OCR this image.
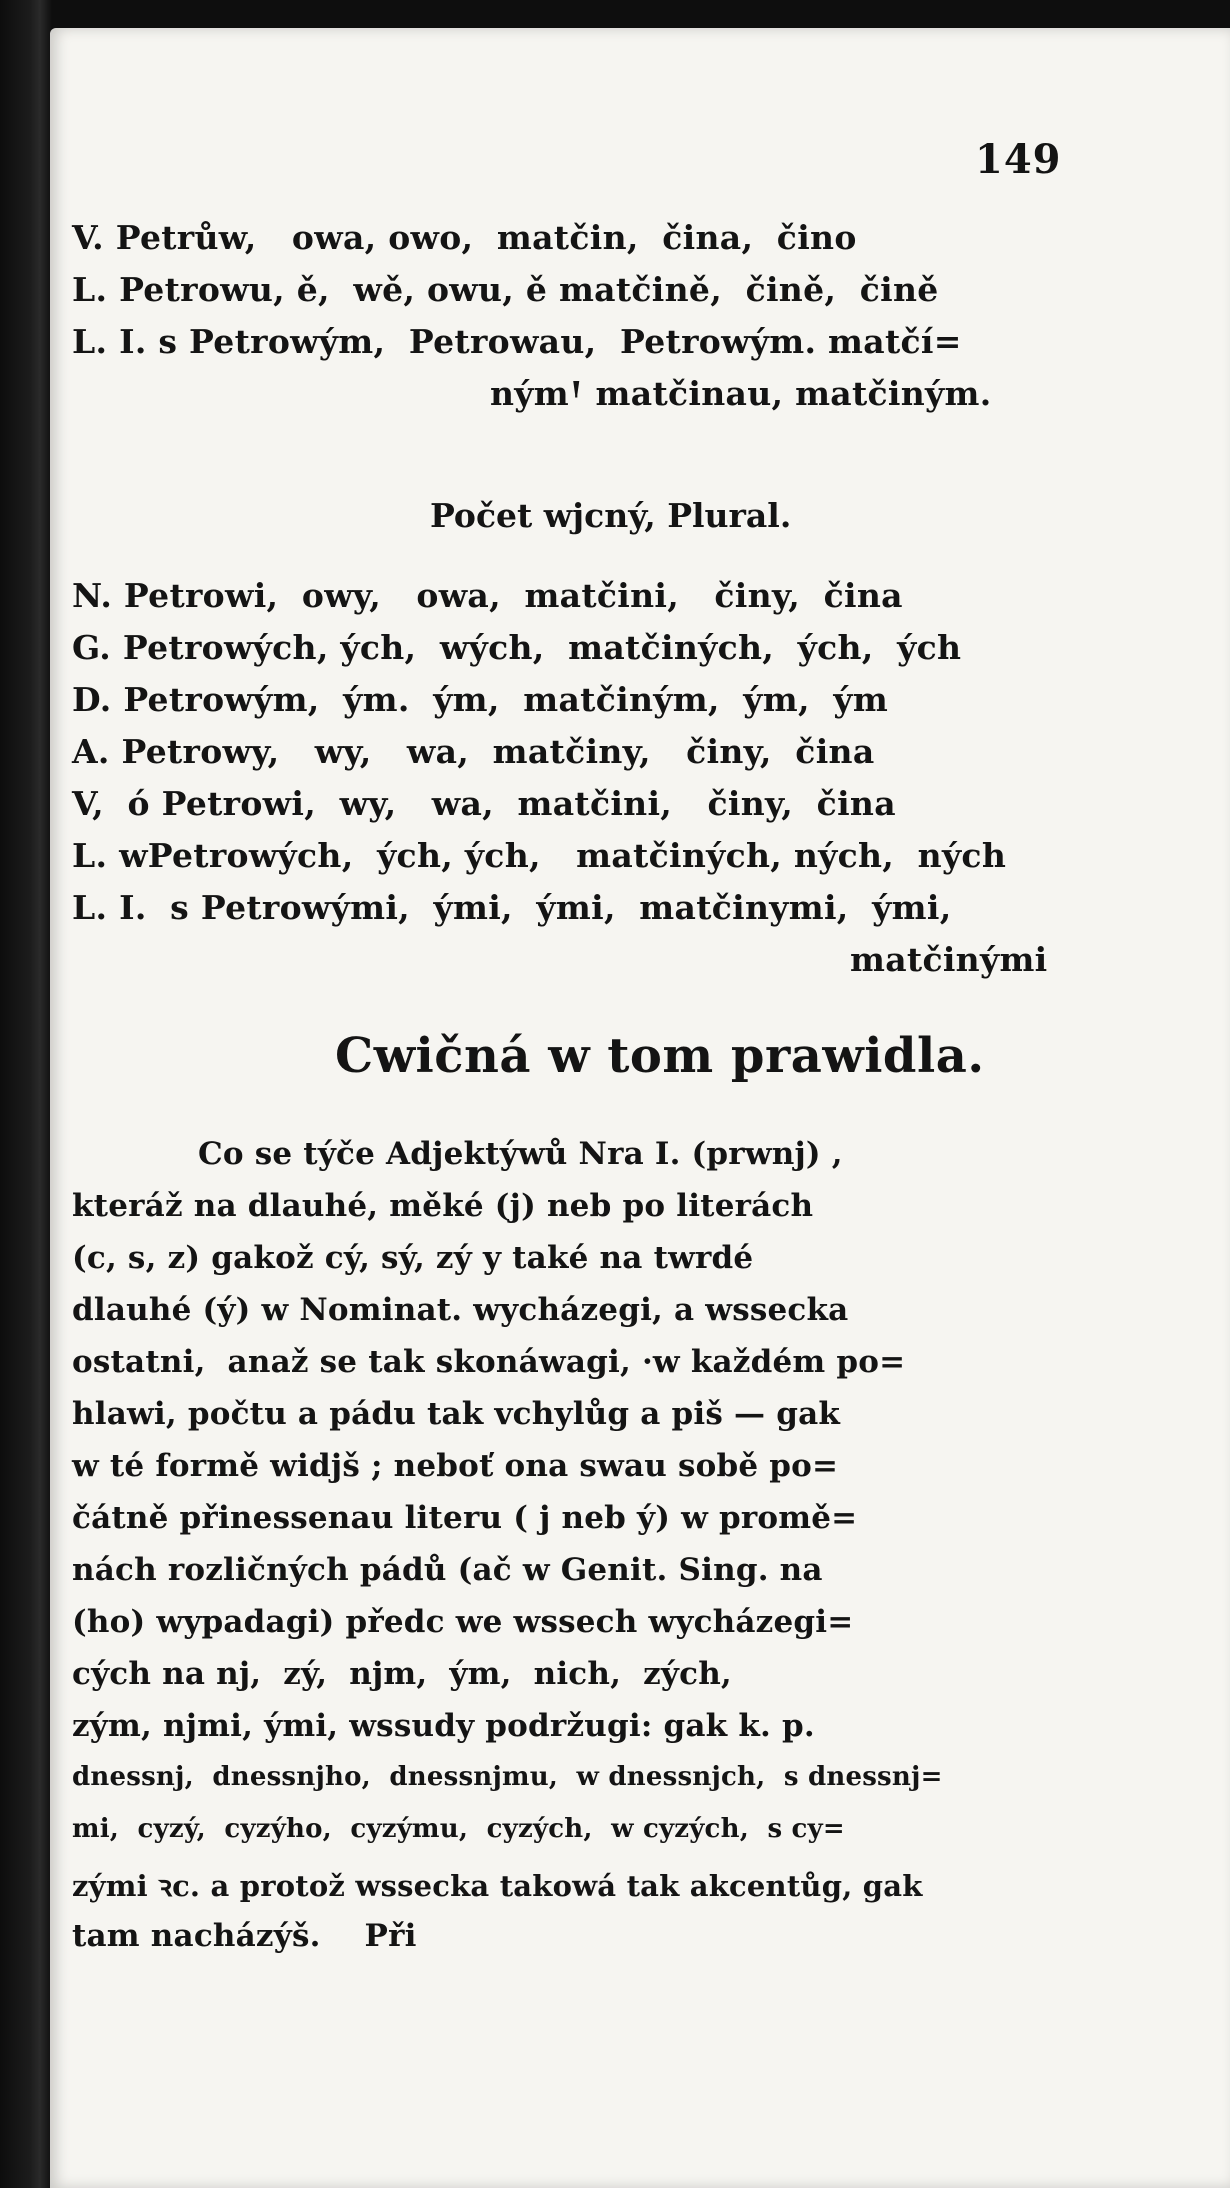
149
V. Petrůw,   owa, owo,  matčin,  čina,  čino
L. Petrowu, ě,  wě, owu, ě matčině,  čině,  čině
L. I. s Petrowým,  Petrowau,  Petrowým. matčí=
nýmꞋ matčinau, matčiným.
Počet wjcný, Plural.
N. Petrowi,  owy,   owa,  matčini,   činy,  čina
G. Petrowých, ých,  wých,  matčiných,  ých,  ých
D. Petrowým,  ým.  ým,  matčiným,  ým,  ým
A. Petrowy,   wy,   wa,  matčiny,   činy,  čina
V,  ó Petrowi,  wy,   wa,  matčini,   činy,  čina
L. wPetrowých,  ých, ých,   matčiných, ných,  ných
L. I.  s Petrowými,  ými,  ými,  matčinymi,  ými,
matčinými
Cwičná w tom prawidla.
Co se týče Adjektýwů Nra I. (prwnj) ,
kteráž na dlauhé, měké (j) neb po literách
(c, s, z) gakož cý, sý, zý y také na twrdé
dlauhé (ý) w Nominat. wycházegi, a wssecka
ostatni,  anaž se tak skonáwagi, ·w každém po=
hlawi, počtu a pádu tak vchylůg a piš — gak
w té formě widjš ; neboť ona swau sobě po=
čátně přinessenau literu ( j neb ý) w promě=
nách rozličných pádů (ač w Genit. Sing. na
(ho) wypadagi) předc we wssech wycházegi=
cých na nj,  zý,  njm,  ým,  nich,  zých,
zým, njmi, ými, wssudy podržugi: gak k. p.
dnessnj,  dnessnjho,  dnessnjmu,  w dnessnjch,  s dnessnj=
mi,  cyzý,  cyzýho,  cyzýmu,  cyzých,  w cyzých,  s cy=
zými ꝛc. a protož wssecka takowá tak akcentůg, gak
tam nacházýš.    Při
